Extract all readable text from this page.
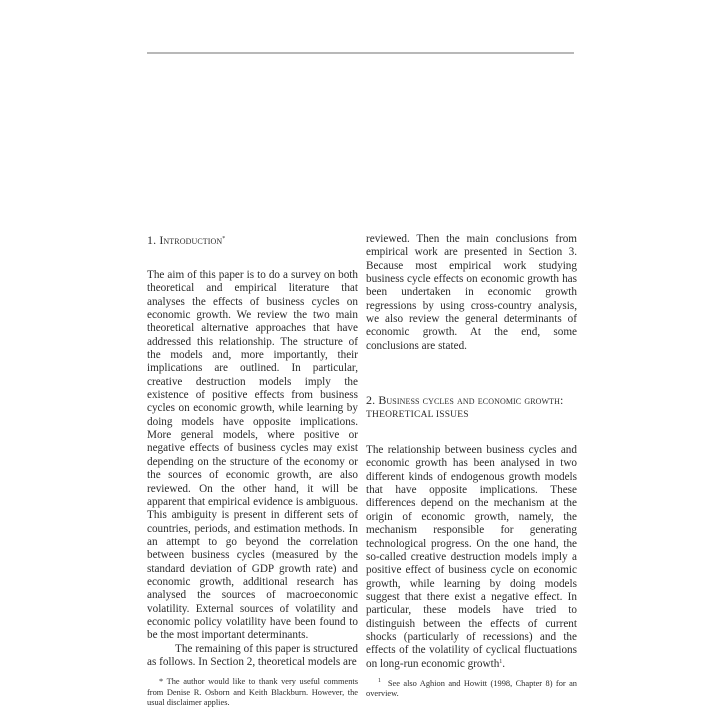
1. Introduction*

The aim of this paper is to do a survey on both theoretical and empirical literature that analyses the effects of business cycles on economic growth. We review the two main theoretical alternative approaches that have addressed this relationship. The structure of the models and, more importantly, their implications are outlined. In particular, creative destruction models imply the existence of positive effects from business cycles on economic growth, while learning by doing models have opposite implications. More general models, where positive or negative effects of business cycles may exist depending on the structure of the economy or the sources of economic growth, are also reviewed. On the other hand, it will be apparent that empirical evidence is ambiguous. This ambiguity is present in different sets of countries, periods, and estimation methods. In an attempt to go beyond the correlation between business cycles (measured by the standard deviation of GDP growth rate) and economic growth, additional research has analysed the sources of macroeconomic volatility. External sources of volatility and economic policy volatility have been found to be the most important determinants.

The remaining of this paper is structured as follows. In Section 2, theoretical models are

* The author would like to thank very useful comments from Denise R. Osborn and Keith Blackburn. However, the usual disclaimer applies.

reviewed. Then the main conclusions from empirical work are presented in Section 3. Because most empirical work studying business cycle effects on economic growth has been undertaken in economic growth regressions by using cross-country analysis, we also review the general determinants of economic growth. At the end, some conclusions are stated.

2. Business cycles and economic growth:
THEORETICAL ISSUES

The relationship between business cycles and economic growth has been analysed in two different kinds of endogenous growth models that have opposite implications. These differences depend on the mechanism at the origin of economic growth, namely, the mechanism responsible for generating technological progress. On the one hand, the so-called creative destruction models imply a positive effect of business cycle on economic growth, while learning by doing models suggest that there exist a negative effect. In particular, these models have tried to distinguish between the effects of current shocks (particularly of recessions) and the effects of the volatility of cyclical fluctuations on long-run economic growth$^1$.

$^1$ See also Aghion and Howitt (1998, Chapter 8) for an overview.
